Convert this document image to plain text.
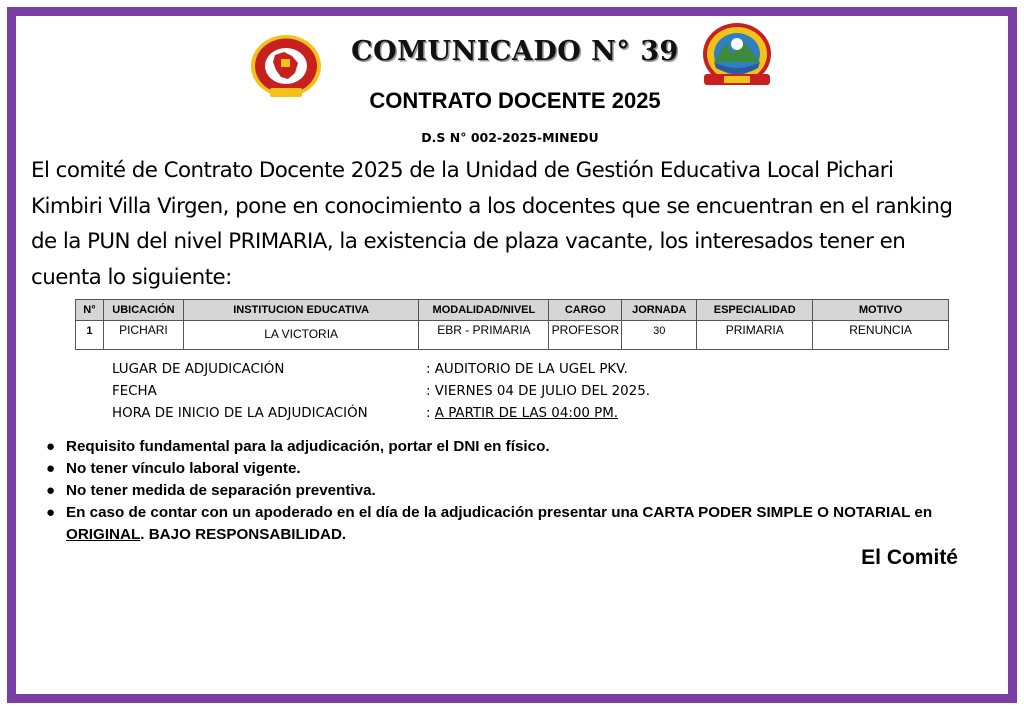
COMUNICADO N° 39
CONTRATO DOCENTE 2025
D.S N° 002-2025-MINEDU

El comité de Contrato Docente 2025 de la Unidad de Gestión Educativa Local Pichari Kimbiri Villa Virgen, pone en conocimiento a los docentes que se encuentran en el ranking de la PUN del nivel PRIMARIA, la existencia de plaza vacante, los interesados tener en cuenta lo siguiente:

N°	UBICACIÓN	INSTITUCION EDUCATIVA	MODALIDAD/NIVEL	CARGO	JORNADA	ESPECIALIDAD	MOTIVO
1	PICHARI	LA VICTORIA	EBR - PRIMARIA	PROFESOR	30	PRIMARIA	RENUNCIA
LUGAR DE ADJUDICACIÓN	: AUDITORIO DE LA UGEL PKV.
FECHA	: VIERNES 04 DE JULIO DEL 2025.
HORA DE INICIO DE LA ADJUDICACIÓN	: A PARTIR DE LAS 04:00 PM.
● Requisito fundamental para la adjudicación, portar el DNI en físico.
● No tener vínculo laboral vigente.
● No tener medida de separación preventiva.
● En caso de contar con un apoderado en el día de la adjudicación presentar una CARTA PODER SIMPLE O NOTARIAL en ORIGINAL. BAJO RESPONSABILIDAD.
El Comité
